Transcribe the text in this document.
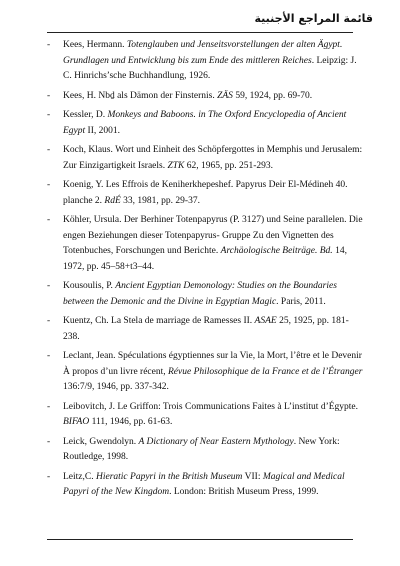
قائمة المراجع الأجنبية
-	Kees, Hermann. Totenglauben und Jenseitsvorstellungen der alten Ägypt. Grundlagen und Entwicklung bis zum Ende des mittleren Reiches. Leipzig: J. C. Hinrichs’sche Buchhandlung, 1926.
-	Kees, H. Nbḏ als Dämon der Finsternis. ZÄS 59, 1924, pp. 69-70.
-	Kessler, D. Monkeys and Baboons. in The Oxford Encyclopedia of Ancient Egypt II, 2001.
-	Koch, Klaus. Wort und Einheit des Schöpfergottes in Memphis und Jerusalem: Zur Einzigartigkeit Israels. ZTK 62, 1965, pp. 251-293.
-	Koenig, Y. Les Effrois de Keniherkhepeshef. Papyrus Deir El-Médineh 40. planche 2. RdÉ 33, 1981, pp. 29-37.
-	Köhler, Ursula. Der Berhiner Totenpapyrus (P. 3127) und Seine parallelen. Die engen Beziehungen dieser Totenpapyrus- Gruppe Zu den Vignetten des Totenbuches, Forschungen und Berichte. Archäologische Beiträge. Bd. 14, 1972, pp. 45–58+t3–44.
-	Kousoulis, P. Ancient Egyptian Demonology: Studies on the Boundaries between the Demonic and the Divine in Egyptian Magic. Paris, 2011.
-	Kuentz, Ch. La Stela de marriage de Ramesses II. ASAE 25, 1925, pp. 181-238.
-	Leclant, Jean. Spéculations égyptiennes sur la Vie, la Mort, l’être et le Devenir À propos d’un livre récent, Révue Philosophique de la France et de l’Étranger 136:7/9, 1946, pp. 337-342.
-	Leibovitch, J. Le Griffon: Trois Communications Faites à L’institut d’Égypte. BIFAO 111, 1946, pp. 61-63.
-	Leick, Gwendolyn. A Dictionary of Near Eastern Mythology. New York: Routledge, 1998.
-	Leitz,C. Hieratic Papyri in the British Museum VII: Magical and Medical Papyri of the New Kingdom. London: British Museum Press, 1999.
